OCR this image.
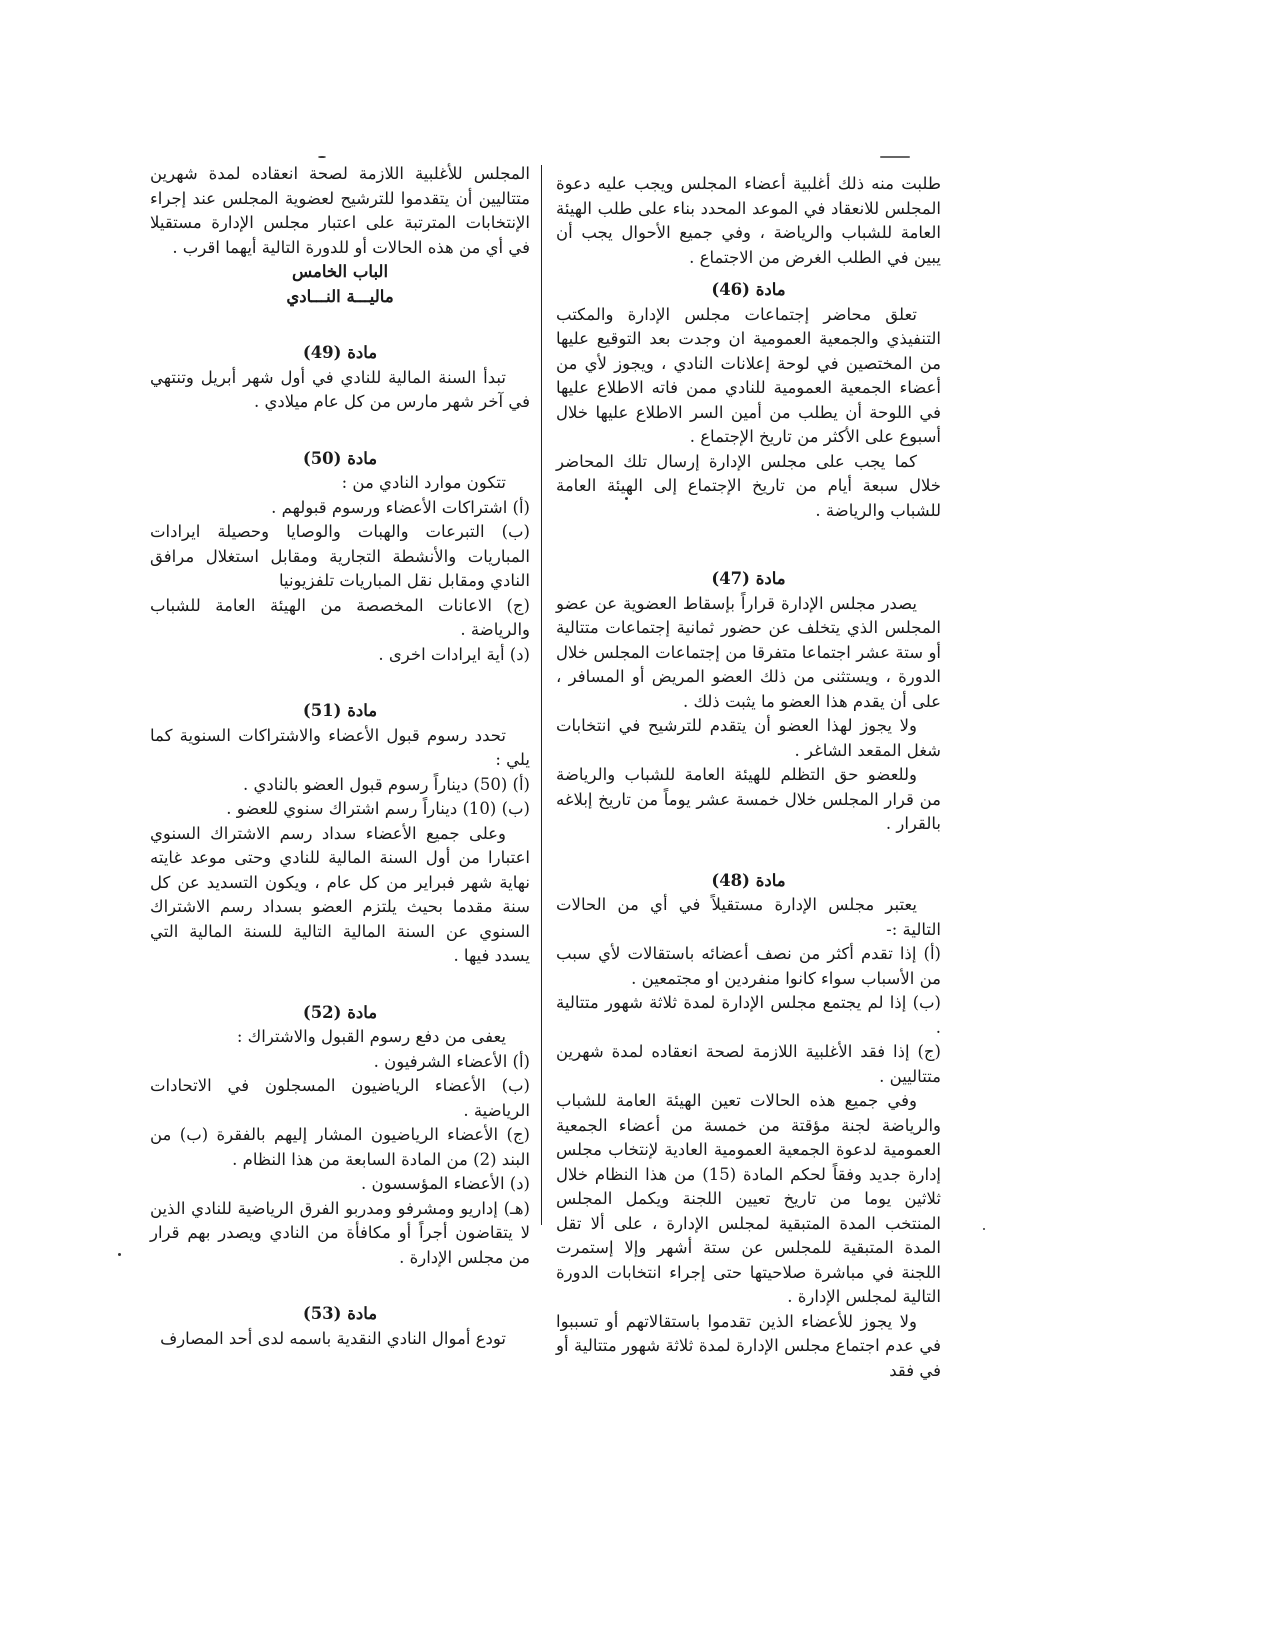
طلبت منه ذلك أغلبية أعضاء المجلس ويجب عليه دعوة المجلس للانعقاد في الموعد المحدد بناء على طلب الهيئة العامة للشباب والرياضة ، وفي جميع الأحوال يجب أن يبين في الطلب الغرض من الاجتماع .

مادة (46)

تعلق محاضر إجتماعات مجلس الإدارة والمكتب التنفيذي والجمعية العمومية ان وجدت بعد التوقيع عليها من المختصين في لوحة إعلانات النادي ، ويجوز لأي من أعضاء الجمعية العمومية للنادي ممن فاته الاطلاع عليها في اللوحة أن يطلب من أمين السر الاطلاع عليها خلال أسبوع على الأكثر من تاريخ الإجتماع .

كما يجب على مجلس الإدارة إرسال تلك المحاضر خلال سبعة أيام من تاريخ الإجتماع إلى الهيئة العامة للشباب والرياضة .

مادة (47)

يصدر مجلس الإدارة قراراً بإسقاط العضوية عن عضو المجلس الذي يتخلف عن حضور ثمانية إجتماعات متتالية أو ستة عشر اجتماعا متفرقا من إجتماعات المجلس خلال الدورة ، ويستثنى من ذلك العضو المريض أو المسافر ، على أن يقدم هذا العضو ما يثبت ذلك .

ولا يجوز لهذا العضو أن يتقدم للترشيح في انتخابات شغل المقعد الشاغر .

وللعضو حق التظلم للهيئة العامة للشباب والرياضة من قرار المجلس خلال خمسة عشر يوماً من تاريخ إبلاغه بالقرار .

مادة (48)

يعتبر مجلس الإدارة مستقيلاً في أي من الحالات التالية :-

(أ) إذا تقدم أكثر من نصف أعضائه باستقالات لأي سبب من الأسباب سواء كانوا منفردين او مجتمعين .

(ب) إذا لم يجتمع مجلس الإدارة لمدة ثلاثة شهور متتالية .

(ج) إذا فقد الأغلبية اللازمة لصحة انعقاده لمدة شهرين متتاليين .

وفي جميع هذه الحالات تعين الهيئة العامة للشباب والرياضة لجنة مؤقتة من خمسة من أعضاء الجمعية العمومية لدعوة الجمعية العمومية العادية لإنتخاب مجلس إدارة جديد وفقاً لحكم المادة (15) من هذا النظام خلال ثلاثين يوما من تاريخ تعيين اللجنة ويكمل المجلس المنتخب المدة المتبقية لمجلس الإدارة ، على ألا تقل المدة المتبقية للمجلس عن ستة أشهر وإلا إستمرت اللجنة في مباشرة صلاحيتها حتى إجراء انتخابات الدورة التالية لمجلس الإدارة .

ولا يجوز للأعضاء الذين تقدموا باستقالاتهم أو تسببوا في عدم اجتماع مجلس الإدارة لمدة ثلاثة شهور متتالية أو في فقد

المجلس للأغلبية اللازمة لصحة انعقاده لمدة شهرين متتاليين أن يتقدموا للترشيح لعضوية المجلس عند إجراء الإنتخابات المترتبة على اعتبار مجلس الإدارة مستقيلا في أي من هذه الحالات أو للدورة التالية أيهما اقرب .

الباب الخامس

ماليـــة النـــادي

مادة (49)

تبدأ السنة المالية للنادي في أول شهر أبريل وتنتهي في آخر شهر مارس من كل عام ميلادي .

مادة (50)

تتكون موارد النادي من :

(أ) اشتراكات الأعضاء ورسوم قبولهم .

(ب) التبرعات والهبات والوصايا وحصيلة ايرادات المباريات والأنشطة التجارية ومقابل استغلال مرافق النادي ومقابل نقل المباريات تلفزيونيا

(ج) الاعانات المخصصة من الهيئة العامة للشباب والرياضة .

(د) أية ايرادات اخرى .

مادة (51)

تحدد رسوم قبول الأعضاء والاشتراكات السنوية كما يلي :

(أ) (50) ديناراً رسوم قبول العضو بالنادي .

(ب) (10) ديناراً رسم اشتراك سنوي للعضو .

وعلى جميع الأعضاء سداد رسم الاشتراك السنوي اعتبارا من أول السنة المالية للنادي وحتى موعد غايته نهاية شهر فبراير من كل عام ، ويكون التسديد عن كل سنة مقدما بحيث يلتزم العضو بسداد رسم الاشتراك السنوي عن السنة المالية التالية للسنة المالية التي يسدد فيها .

مادة (52)

يعفى من دفع رسوم القبول والاشتراك :

(أ) الأعضاء الشرفيون .

(ب) الأعضاء الرياضيون المسجلون في الاتحادات الرياضية .

(ج) الأعضاء الرياضيون المشار إليهم بالفقرة (ب) من البند (2) من المادة السابعة من هذا النظام .

(د) الأعضاء المؤسسون .

(هـ) إداريو ومشرفو ومدربو الفرق الرياضية للنادي الذين لا يتقاضون أجراً أو مكافأة من النادي ويصدر بهم قرار من مجلس الإدارة .

مادة (53)

تودع أموال النادي النقدية باسمه لدى أحد المصارف
